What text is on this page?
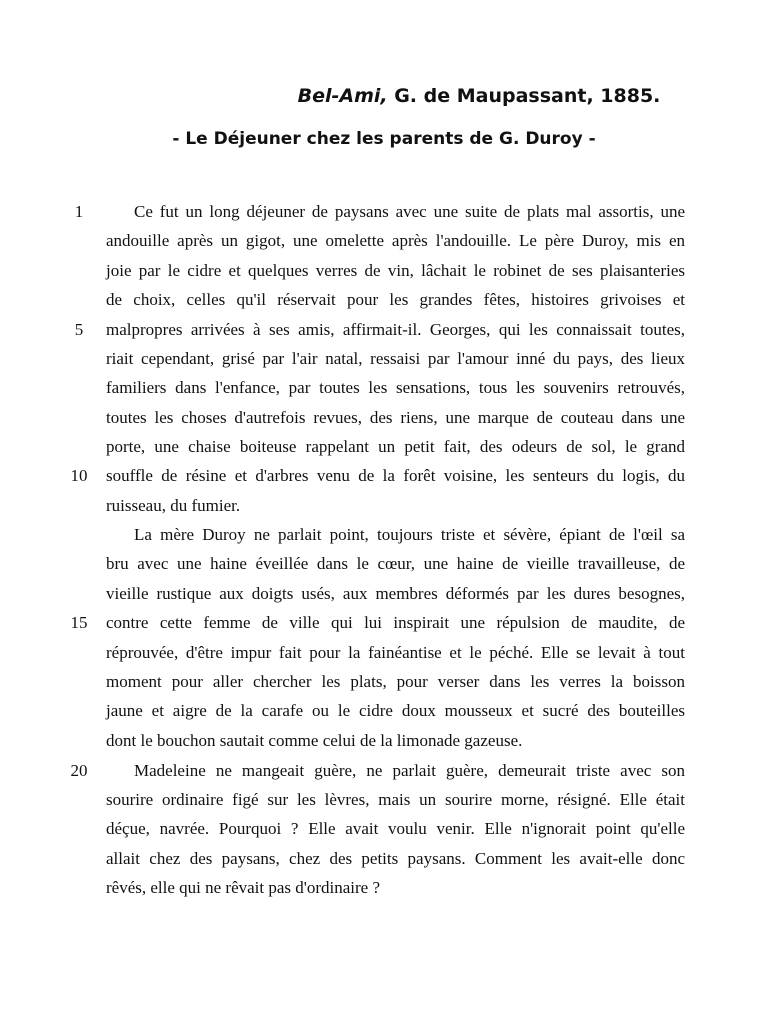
Bel-Ami, G. de Maupassant, 1885.
- Le Déjeuner chez les parents de G. Duroy -
1
5
10
15
20
Ce fut un long déjeuner de paysans avec une suite de plats mal assortis, une
andouille après un gigot, une omelette après l'andouille. Le père Duroy, mis en
joie par le cidre et quelques verres de vin, lâchait le robinet de ses plaisanteries
de choix, celles qu'il réservait pour les grandes fêtes, histoires grivoises et
malpropres arrivées à ses amis, affirmait-il. Georges, qui les connaissait toutes,
riait cependant, grisé par l'air natal, ressaisi par l'amour inné du pays, des lieux
familiers dans l'enfance, par toutes les sensations, tous les souvenirs retrouvés,
toutes les choses d'autrefois revues, des riens, une marque de couteau dans une
porte, une chaise boiteuse rappelant un petit fait, des odeurs de sol, le grand
souffle de résine et d'arbres venu de la forêt voisine, les senteurs du logis, du
ruisseau, du fumier.
La mère Duroy ne parlait point, toujours triste et sévère, épiant de l'œil sa
bru avec une haine éveillée dans le cœur, une haine de vieille travailleuse, de
vieille rustique aux doigts usés, aux membres déformés par les dures besognes,
contre cette femme de ville qui lui inspirait une répulsion de maudite, de
réprouvée, d'être impur fait pour la fainéantise et le péché. Elle se levait à tout
moment pour aller chercher les plats, pour verser dans les verres la boisson
jaune et aigre de la carafe ou le cidre doux mousseux et sucré des bouteilles
dont le bouchon sautait comme celui de la limonade gazeuse.
Madeleine ne mangeait guère, ne parlait guère, demeurait triste avec son
sourire ordinaire figé sur les lèvres, mais un sourire morne, résigné. Elle était
déçue, navrée. Pourquoi ? Elle avait voulu venir. Elle n'ignorait point qu'elle
allait chez des paysans, chez des petits paysans. Comment les avait-elle donc
rêvés, elle qui ne rêvait pas d'ordinaire ?
